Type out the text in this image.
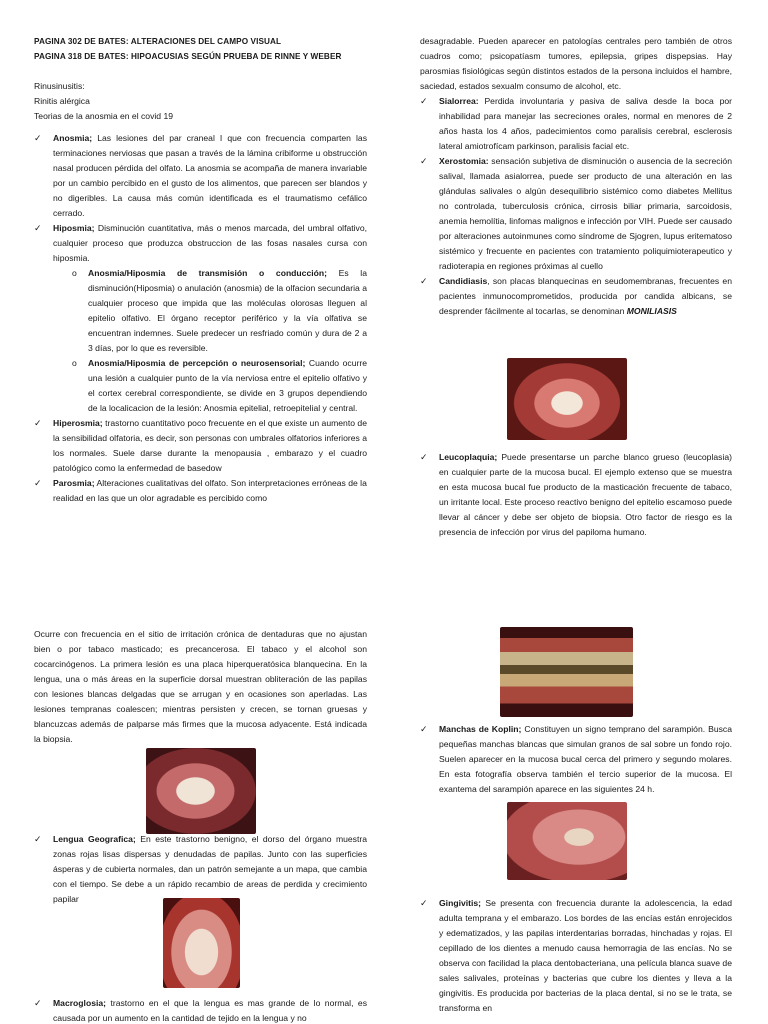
PAGINA 302 DE BATES: ALTERACIONES DEL CAMPO VISUAL

PAGINA 318 DE BATES: HIPOACUSIAS SEGÚN PRUEBA DE RINNE Y WEBER

Rinusinusitis:

Rinitis alérgica

Teorias de la anosmia en el covid 19

✓ Anosmia; Las lesiones del par craneal I que con frecuencia comparten las terminaciones nerviosas que pasan a través de la lámina cribiforme u obstrucción nasal producen pérdida del olfato. La anosmia se acompaña de manera invariable por un cambio percibido en el gusto de los alimentos, que parecen ser blandos y no digeribles. La causa más común identificada es el traumatismo cefálico cerrado.

✓ Hiposmia; Disminución cuantitativa, más o menos marcada, del umbral olfativo, cualquier proceso que produzca obstruccion de las fosas nasales cursa con hiposmia.

o Anosmia/Hiposmia de transmisión o conducción; Es la disminución(Hiposmia) o anulación (anosmia) de la olfacion secundaria a cualquier proceso que impida que las moléculas olorosas lleguen al epitelio olfativo. El órgano receptor periférico y la vía olfativa se encuentran indemnes. Suele predecer un resfriado común y dura de 2 a 3 días, por lo que es reversible.

o Anosmia/Hiposmia de percepción o neurosensorial; Cuando ocurre una lesión a cualquier punto de la vía nerviosa entre el epitelio olfativo y el cortex cerebral correspondiente, se divide en 3 grupos dependiendo de la localicacion de la lesión: Anosmia epitelial, retroepitelial y central.

✓ Hiperosmia; trastorno cuantitativo poco frecuente en el que existe un aumento de la sensibilidad olfatoria, es decir, son personas con umbrales olfatorios inferiores a los normales. Suele darse durante la menopausia , embarazo y el cuadro patológico como la enfermedad de basedow

✓ Parosmia; Alteraciones cualitativas del olfato. Son interpretaciones erróneas de la realidad en las que un olor agradable es percibido como

desagradable. Pueden aparecer en patologías centrales pero también de otros cuadros como; psicopatíasm tumores, epilepsia, gripes dispepsias. Hay parosmias fisiológicas según distintos estados de la persona incluidos el hambre, saciedad, estados sexualm consumo de alcohol, etc.

✓ Sialorrea: Perdida involuntaria y pasiva de saliva desde la boca por inhabilidad para manejar las secreciones orales, normal en menores de 2 años hasta los 4 años, padecimientos como paralisis cerebral, esclerosis lateral amiotrofícam parkinson, paralisis facial etc.

✓ Xerostomia: sensación subjetiva de disminución o ausencia de la secreción salival, llamada asialorrea, puede ser producto de una alteración en las glándulas salivales o algún desequilibrio sistémico como diabetes Mellitus no controlada, tuberculosis crónica, cirrosis biliar primaria, sarcoidosis, anemia hemolítia, linfomas malignos e infección por VIH. Puede ser causado por alteraciones autoinmunes como síndrome de Sjogren, lupus eritematoso sistémico y frecuente en pacientes con tratamiento poliquimioterapeutico y radioterapia en regiones próximas al cuello

✓ Candidiasis, son placas blanquecinas en seudomembranas, frecuentes en pacientes inmunocomprometidos, producida por candida albicans, se desprender fácilmente al tocarlas, se denominan MONILIASIS

✓ Leucoplaquia; Puede presentarse un parche blanco grueso (leucoplasia) en cualquier parte de la mucosa bucal. El ejemplo extenso que se muestra en esta mucosa bucal fue producto de la masticación frecuente de tabaco, un irritante local. Este proceso reactivo benigno del epitelio escamoso puede llevar al cáncer y debe ser objeto de biopsia. Otro factor de riesgo es la presencia de infección por virus del papiloma humano.

Ocurre con frecuencia en el sitio de irritación crónica de dentaduras que no ajustan bien o por tabaco masticado; es precancerosa. El tabaco y el alcohol son cocarcinógenos. La primera lesión es una placa hiperqueratósica blanquecina. En la lengua, una o más áreas en la superficie dorsal muestran obliteración de las papilas con lesiones blancas delgadas que se arrugan y en ocasiones son aperladas. Las lesiones tempranas coalescen; mientras persisten y crecen, se tornan gruesas y blancuzcas además de palparse más firmes que la mucosa adyacente. Está indicada la biopsia.

✓ Lengua Geografica; En este trastorno benigno, el dorso del órgano muestra zonas rojas lisas dispersas y denudadas de papilas. Junto con las superficies ásperas y de cubierta normales, dan un patrón semejante a un mapa, que cambia con el tiempo. Se debe a un rápido recambio de areas de perdida y crecimiento papilar

✓ Macroglosia; trastorno en el que la lengua es mas grande de lo normal, es causada por un aumento en la cantidad de tejido en la lengua y no

✓ Manchas de Koplin; Constituyen un signo temprano del sarampión. Busca pequeñas manchas blancas que simulan granos de sal sobre un fondo rojo. Suelen aparecer en la mucosa bucal cerca del primero y segundo molares. En esta fotografía observa también el tercio superior de la mucosa. El exantema del sarampión aparece en las siguientes 24 h.

✓ Gingivitis; Se presenta con frecuencia durante la adolescencia, la edad adulta temprana y el embarazo. Los bordes de las encías están enrojecidos y edematizados, y las papilas interdentarias borradas, hinchadas y rojas. El cepillado de los dientes a menudo causa hemorragia de las encías. No se observa con facilidad la placa dentobacteriana, una película blanca suave de sales salivales, proteínas y bacterias que cubre los dientes y lleva a la gingivitis. Es producida por bacterias de la placa dental, si no se le trata, se transforma en
